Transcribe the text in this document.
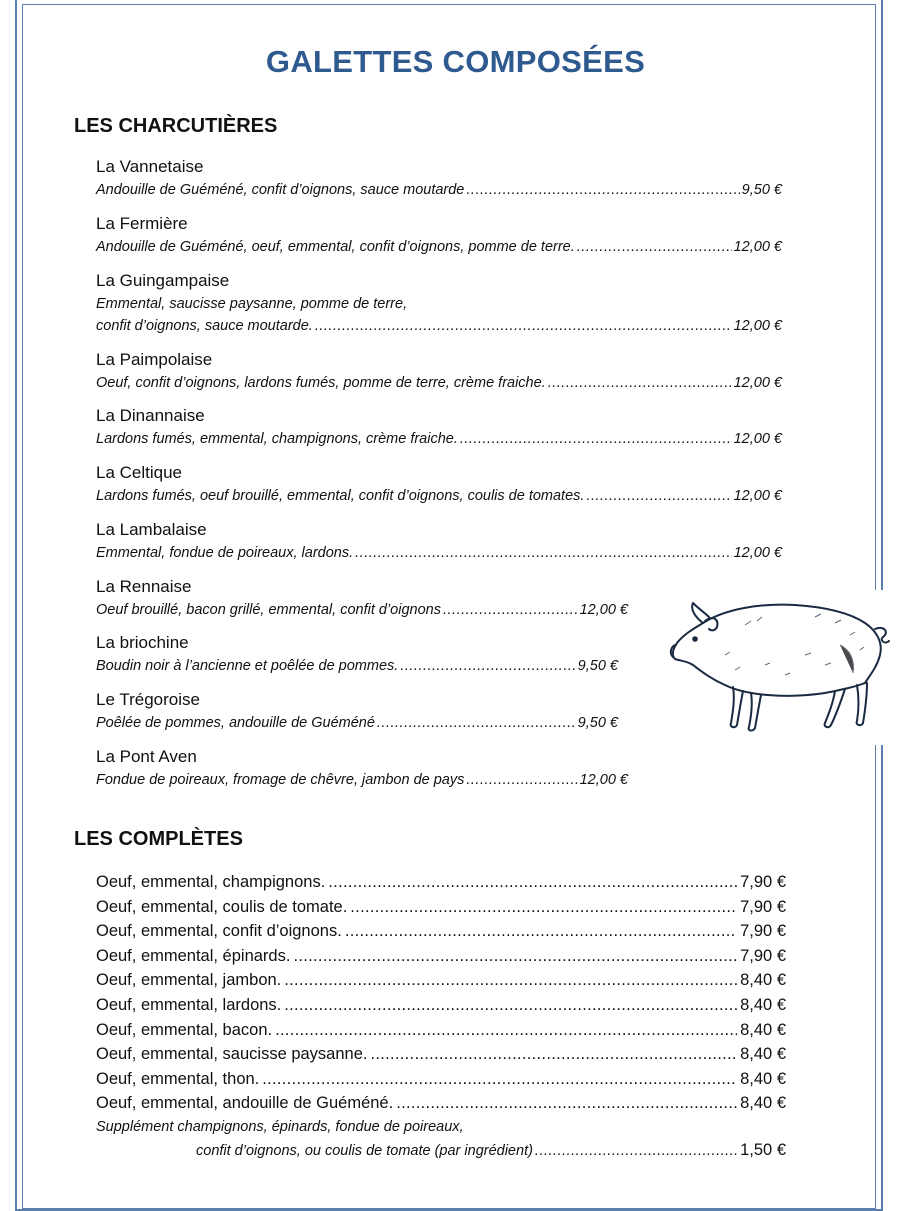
GALETTES COMPOSÉES
LES CHARCUTIÈRES
La Vannetaise
Andouille de Guéméné, confit d’oignons, sauce moutarde .....	9,50 €
La Fermière
Andouille de Guéméné, oeuf, emmental, confit d’oignons, pomme de terre. .....	12,00 €
La Guingampaise
Emmental, saucisse paysanne, pomme de terre,
confit d’oignons, sauce moutarde. .....	12,00 €
La Paimpolaise
Oeuf, confit d’oignons, lardons fumés, pomme de terre, crème fraiche. .....	12,00 €
La Dinannaise
Lardons fumés, emmental, champignons, crème fraiche. .....	12,00 €
La Celtique
Lardons fumés, oeuf brouillé, emmental, confit d’oignons, coulis de tomates. .....	12,00 €
La Lambalaise
Emmental, fondue de poireaux, lardons. .....	12,00 €
La Rennaise
Oeuf brouillé, bacon grillé, emmental, confit d’oignons .....	12,00 €
La briochine
Boudin noir à l’ancienne et poêlée de pommes. .....	9,50 €
Le Trégoroise
Poêlée de pommes, andouille de Guéméné .....	9,50 €
La Pont Aven
Fondue de poireaux, fromage de chêvre, jambon de pays .....	12,00 €
LES COMPLÈTES
Oeuf, emmental, champignons. .....	7,90 €
Oeuf, emmental, coulis de tomate. .....	7,90 €
Oeuf, emmental, confit d’oignons. .....	7,90 €
Oeuf, emmental, épinards. .....	7,90 €
Oeuf, emmental, jambon. .....	8,40 €
Oeuf, emmental, lardons. .....	8,40 €
Oeuf, emmental, bacon. .....	8,40 €
Oeuf, emmental, saucisse paysanne. .....	8,40 €
Oeuf, emmental, thon. .....	8,40 €
Oeuf, emmental, andouille de Guéméné. .....	8,40 €
Supplément champignons, épinards, fondue de poireaux,
confit d’oignons, ou coulis de tomate (par ingrédient) .....	1,50 €
